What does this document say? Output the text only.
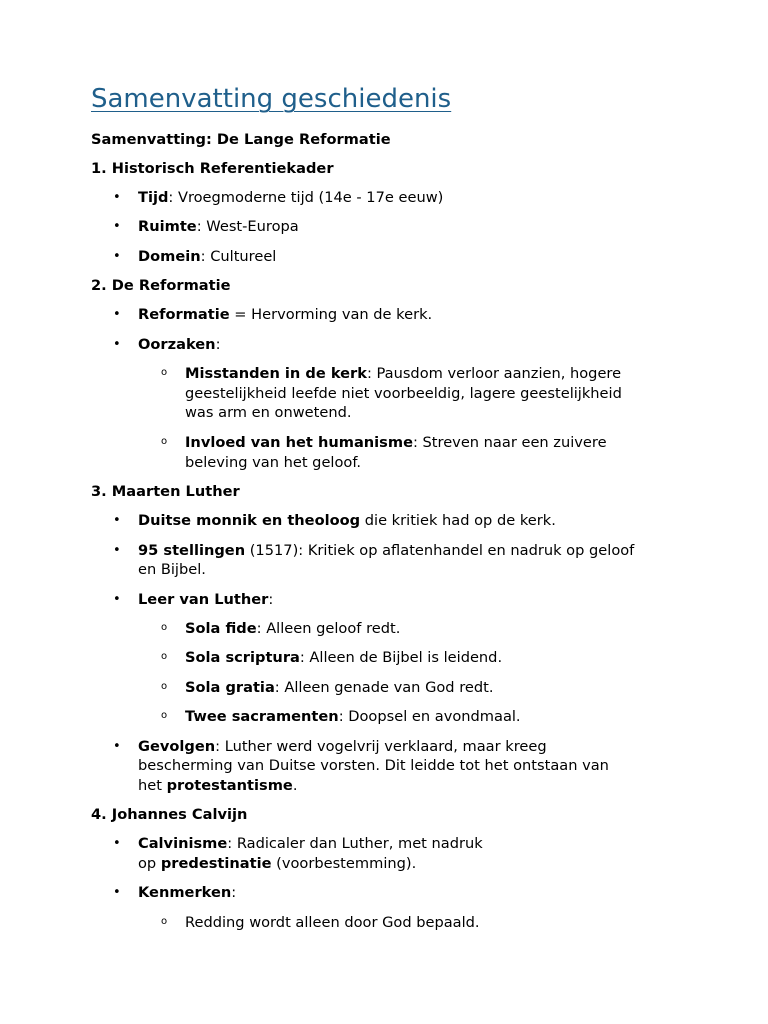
Samenvatting geschiedenis
Samenvatting: De Lange Reformatie
1. Historisch Referentiekader
• Tijd: Vroegmoderne tijd (14e - 17e eeuw)
• Ruimte: West-Europa
• Domein: Cultureel
2. De Reformatie
• Reformatie = Hervorming van de kerk.
• Oorzaken:
o Misstanden in de kerk: Pausdom verloor aanzien, hogere
geestelijkheid leefde niet voorbeeldig, lagere geestelijkheid
was arm en onwetend.
o Invloed van het humanisme: Streven naar een zuivere
beleving van het geloof.
3. Maarten Luther
• Duitse monnik en theoloog die kritiek had op de kerk.
• 95 stellingen (1517): Kritiek op aflatenhandel en nadruk op geloof
en Bijbel.
• Leer van Luther:
o Sola fide: Alleen geloof redt.
o Sola scriptura: Alleen de Bijbel is leidend.
o Sola gratia: Alleen genade van God redt.
o Twee sacramenten: Doopsel en avondmaal.
• Gevolgen: Luther werd vogelvrij verklaard, maar kreeg
bescherming van Duitse vorsten. Dit leidde tot het ontstaan van
het protestantisme.
4. Johannes Calvijn
• Calvinisme: Radicaler dan Luther, met nadruk
op predestinatie (voorbestemming).
• Kenmerken:
o Redding wordt alleen door God bepaald.
